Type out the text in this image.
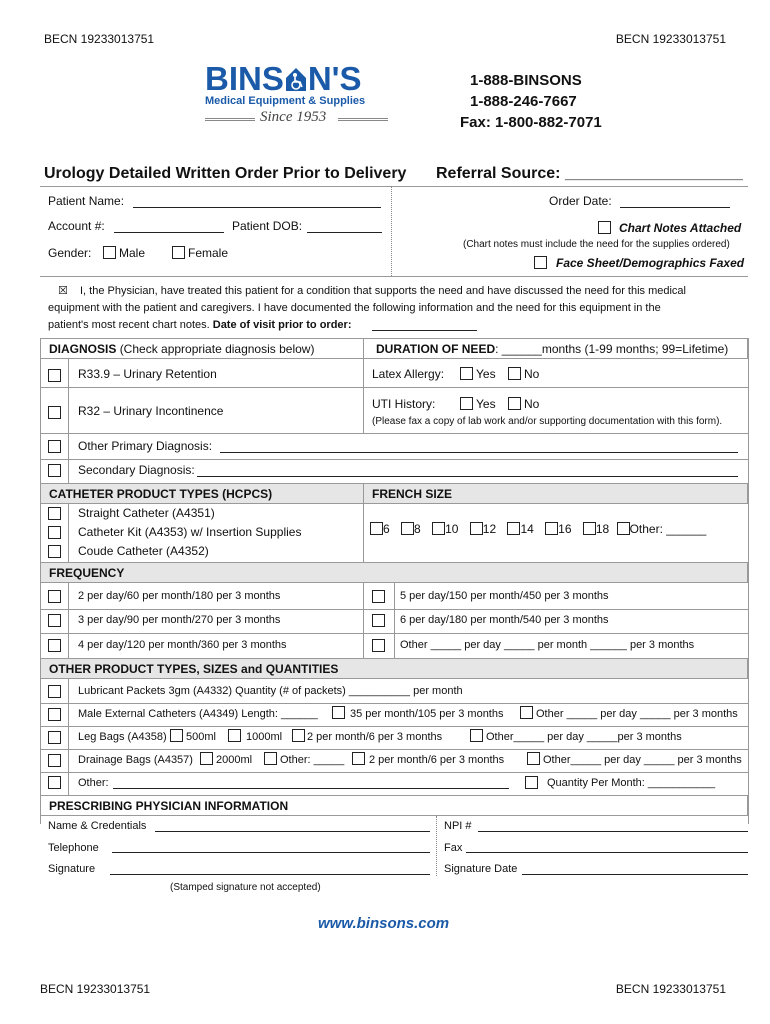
BECN 19233013751	BECN 19233013751
BINS N'S
Medical Equipment & Supplies
Since 1953
1-888-BINSONS
1-888-246-7667
Fax: 1-800-882-7071
Urology Detailed Written Order Prior to Delivery Referral Source: ____________________
Patient Name:
Account #:	Patient DOB:
Gender: Male	Female
Order Date:
Chart Notes Attached
(Chart notes must include the need for the supplies ordered)
Face Sheet/Demographics Faxed
☒ I, the Physician, have treated this patient for a condition that supports the need and have discussed the need for this medical
equipment with the patient and caregivers. I have documented the following information and the need for this equipment in the
patient's most recent chart notes. Date of visit prior to order:
DIAGNOSIS (Check appropriate diagnosis below)	DURATION OF NEED: ______months (1-99 months; 99=Lifetime)
R33.9 – Urinary Retention	Latex Allergy:	Yes No
R32 – Urinary Incontinence	UTI History:	Yes No
(Please fax a copy of lab work and/or supporting documentation with this form).
Other Primary Diagnosis:
Secondary Diagnosis:
CATHETER PRODUCT TYPES (HCPCS)	FRENCH SIZE
Straight Catheter (A4351)
Catheter Kit (A4353) w/ Insertion Supplies
Coude Catheter (A4352)
6 8 10 12 14 16 18 Other: ______
FREQUENCY
2 per day/60 per month/180 per 3 months	5 per day/150 per month/450 per 3 months
3 per day/90 per month/270 per 3 months	6 per day/180 per month/540 per 3 months
4 per day/120 per month/360 per 3 months	Other _____ per day _____ per month ______ per 3 months
OTHER PRODUCT TYPES, SIZES and QUANTITIES
Lubricant Packets 3gm (A4332) Quantity (# of packets) __________ per month
Male External Catheters (A4349) Length: ______	35 per month/105 per 3 months	Other _____ per day _____ per 3 months
Leg Bags (A4358) 500ml	1000ml 2 per month/6 per 3 months	Other_____ per day _____per 3 months
Drainage Bags (A4357) 2000ml	Other: _____ 2 per month/6 per 3 months	Other_____ per day _____ per 3 months
Other:	Quantity Per Month: ___________
PRESCRIBING PHYSICIAN INFORMATION
Name & Credentials	NPI #
Telephone	Fax
Signature	Signature Date
(Stamped signature not accepted)
www.binsons.com
BECN 19233013751	BECN 19233013751
